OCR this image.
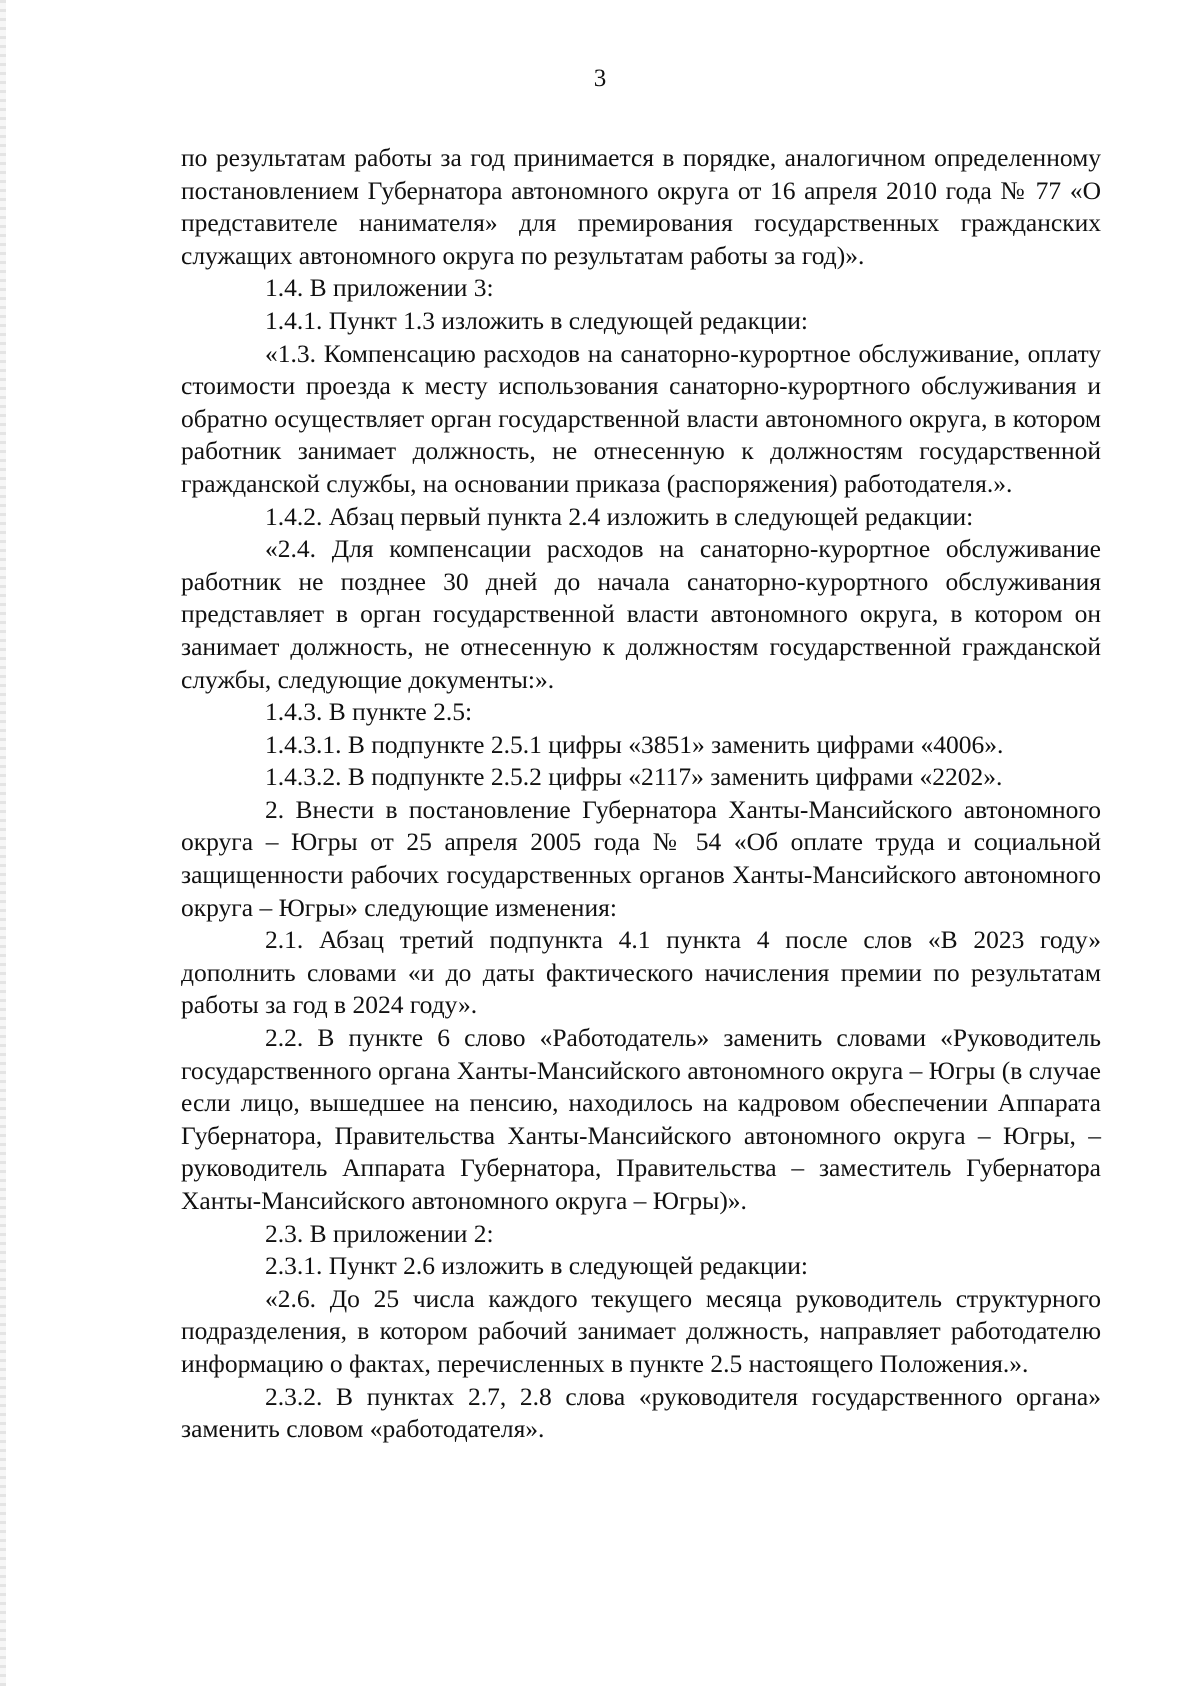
3

по результатам работы за год принимается в порядке, аналогичном определенному постановлением Губернатора автономного округа от 16 апреля 2010 года № 77 «О представителе нанимателя» для премирования государственных гражданских служащих автономного округа по результатам работы за год)».

1.4. В приложении 3:

1.4.1. Пункт 1.3 изложить в следующей редакции:

«1.3. Компенсацию расходов на санаторно-курортное обслуживание, оплату стоимости проезда к месту использования санаторно-курортного обслуживания и обратно осуществляет орган государственной власти автономного округа, в котором работник занимает должность, не отнесенную к должностям государственной гражданской службы, на основании приказа (распоряжения) работодателя.».

1.4.2. Абзац первый пункта 2.4 изложить в следующей редакции:

«2.4. Для компенсации расходов на санаторно-курортное обслуживание работник не позднее 30 дней до начала санаторно-курортного обслуживания представляет в орган государственной власти автономного округа, в котором он занимает должность, не отнесенную к должностям государственной гражданской службы, следующие документы:».

1.4.3. В пункте 2.5:

1.4.3.1. В подпункте 2.5.1 цифры «3851» заменить цифрами «4006».

1.4.3.2. В подпункте 2.5.2 цифры «2117» заменить цифрами «2202».

2. Внести в постановление Губернатора Ханты-Мансийского автономного округа – Югры от 25 апреля 2005 года № 54 «Об оплате труда и социальной защищенности рабочих государственных органов Ханты-Мансийского автономного округа – Югры» следующие изменения:

2.1. Абзац третий подпункта 4.1 пункта 4 после слов «В 2023 году» дополнить словами «и до даты фактического начисления премии по результатам работы за год в 2024 году».

2.2. В пункте 6 слово «Работодатель» заменить словами «Руководитель государственного органа Ханты-Мансийского автономного округа – Югры (в случае если лицо, вышедшее на пенсию, находилось на кадровом обеспечении Аппарата Губернатора, Правительства Ханты-Мансийского автономного округа – Югры, – руководитель Аппарата Губернатора, Правительства – заместитель Губернатора Ханты-Мансийского автономного округа – Югры)».

2.3. В приложении 2:

2.3.1. Пункт 2.6 изложить в следующей редакции:

«2.6. До 25 числа каждого текущего месяца руководитель структурного подразделения, в котором рабочий занимает должность, направляет работодателю информацию о фактах, перечисленных в пункте 2.5 настоящего Положения.».

2.3.2. В пунктах 2.7, 2.8 слова «руководителя государственного органа» заменить словом «работодателя».
